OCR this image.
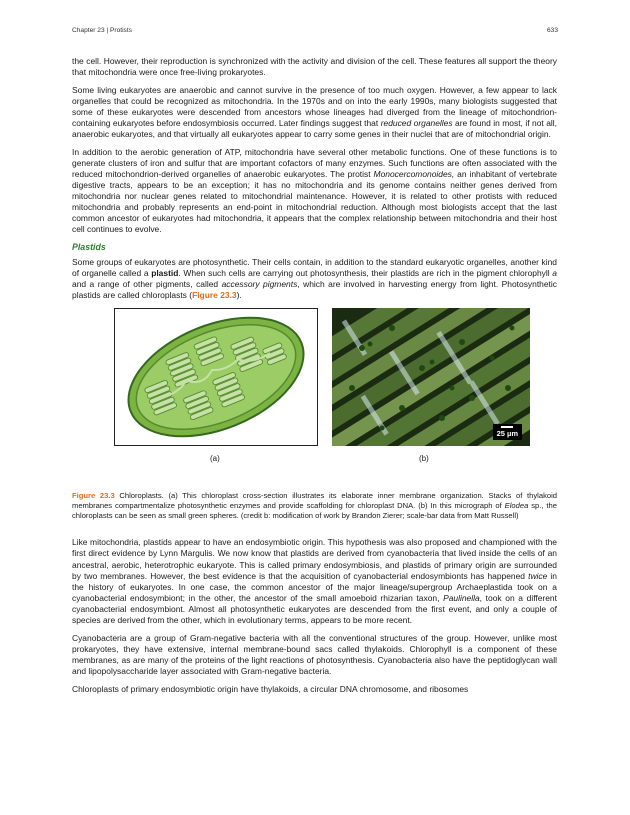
Chapter 23 | Protists	633

the cell. However, their reproduction is synchronized with the activity and division of the cell. These features all support the theory that mitochondria were once free-living prokaryotes.

Some living eukaryotes are anaerobic and cannot survive in the presence of too much oxygen. However, a few appear to lack organelles that could be recognized as mitochondria. In the 1970s and on into the early 1990s, many biologists suggested that some of these eukaryotes were descended from ancestors whose lineages had diverged from the lineage of mitochondrion-containing eukaryotes before endosymbiosis occurred. Later findings suggest that reduced organelles are found in most, if not all, anaerobic eukaryotes, and that virtually all eukaryotes appear to carry some genes in their nuclei that are of mitochondrial origin.

In addition to the aerobic generation of ATP, mitochondria have several other metabolic functions. One of these functions is to generate clusters of iron and sulfur that are important cofactors of many enzymes. Such functions are often associated with the reduced mitochondrion-derived organelles of anaerobic eukaryotes. The protist Monocercomonoides, an inhabitant of vertebrate digestive tracts, appears to be an exception; it has no mitochondria and its genome contains neither genes derived from mitochondria nor nuclear genes related to mitochondrial maintenance. However, it is related to other protists with reduced mitochondria and probably represents an end-point in mitochondrial reduction. Although most biologists accept that the last common ancestor of eukaryotes had mitochondria, it appears that the complex relationship between mitochondria and their host cell continues to evolve.

Plastids

Some groups of eukaryotes are photosynthetic. Their cells contain, in addition to the standard eukaryotic organelles, another kind of organelle called a plastid. When such cells are carrying out photosynthesis, their plastids are rich in the pigment chlorophyll a and a range of other pigments, called accessory pigments, which are involved in harvesting energy from light. Photosynthetic plastids are called chloroplasts (Figure 23.3).

25 µm
(a)	(b)

Figure 23.3 Chloroplasts. (a) This chloroplast cross-section illustrates its elaborate inner membrane organization. Stacks of thylakoid membranes compartmentalize photosynthetic enzymes and provide scaffolding for chloroplast DNA. (b) In this micrograph of Elodea sp., the chloroplasts can be seen as small green spheres. (credit b: modification of work by Brandon Zierer; scale-bar data from Matt Russell)

Like mitochondria, plastids appear to have an endosymbiotic origin. This hypothesis was also proposed and championed with the first direct evidence by Lynn Margulis. We now know that plastids are derived from cyanobacteria that lived inside the cells of an ancestral, aerobic, heterotrophic eukaryote. This is called primary endosymbiosis, and plastids of primary origin are surrounded by two membranes. However, the best evidence is that the acquisition of cyanobacterial endosymbionts has happened twice in the history of eukaryotes. In one case, the common ancestor of the major lineage/supergroup Archaeplastida took on a cyanobacterial endosymbiont; in the other, the ancestor of the small amoeboid rhizarian taxon, Paulinella, took on a different cyanobacterial endosymbiont. Almost all photosynthetic eukaryotes are descended from the first event, and only a couple of species are derived from the other, which in evolutionary terms, appears to be more recent.

Cyanobacteria are a group of Gram-negative bacteria with all the conventional structures of the group. However, unlike most prokaryotes, they have extensive, internal membrane-bound sacs called thylakoids. Chlorophyll is a component of these membranes, as are many of the proteins of the light reactions of photosynthesis. Cyanobacteria also have the peptidoglycan wall and lipopolysaccharide layer associated with Gram-negative bacteria.

Chloroplasts of primary endosymbiotic origin have thylakoids, a circular DNA chromosome, and ribosomes
